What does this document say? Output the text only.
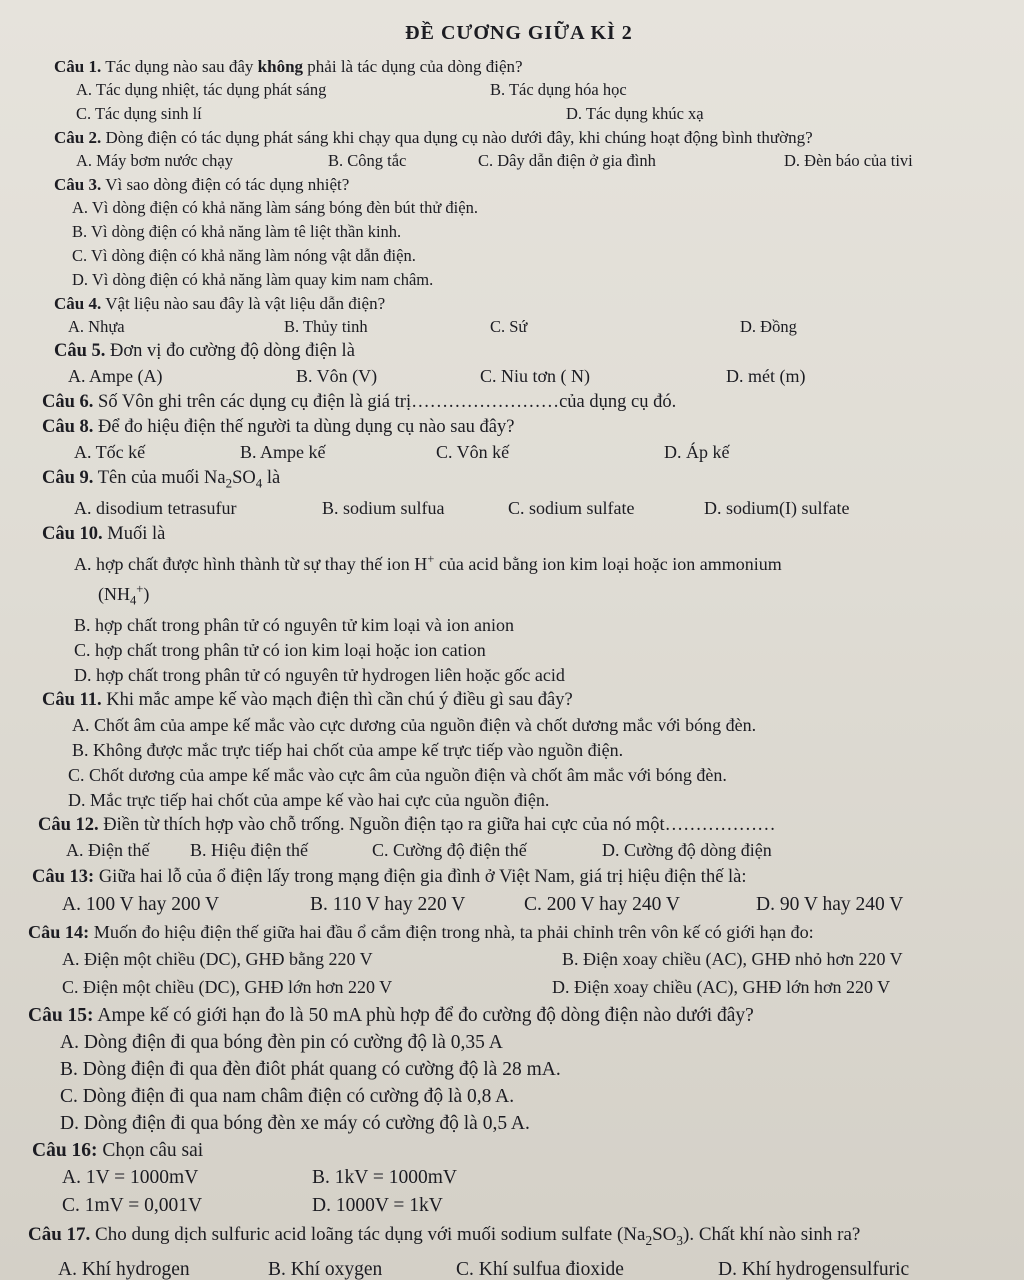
ĐỀ CƯƠNG GIỮA KÌ 2

Câu 1. Tác dụng nào sau đây không phải là tác dụng của dòng điện?

A. Tác dụng nhiệt, tác dụng phát sáng	B. Tác dụng hóa học
C. Tác dụng sinh lí	D. Tác dụng khúc xạ

Câu 2. Dòng điện có tác dụng phát sáng khi chạy qua dụng cụ nào dưới đây, khi chúng hoạt động bình thường?

A. Máy bơm nước chạy	B. Công tắc	C. Dây dẫn điện ở gia đình	D. Đèn báo của tivi

Câu 3. Vì sao dòng điện có tác dụng nhiệt?

A. Vì dòng điện có khả năng làm sáng bóng đèn bút thử điện.

B. Vì dòng điện có khả năng làm tê liệt thần kinh.

C. Vì dòng điện có khả năng làm nóng vật dẫn điện.

D. Vì dòng điện có khả năng làm quay kim nam châm.

Câu 4. Vật liệu nào sau đây là vật liệu dẫn điện?

A. Nhựa	B. Thủy tinh	C. Sứ	D. Đồng

Câu 5. Đơn vị đo cường độ dòng điện là

A. Ampe (A)	B. Vôn (V)	C. Niu tơn ( N)	D. mét (m)

Câu 6. Số Vôn ghi trên các dụng cụ điện là giá trị……………………của dụng cụ đó.

Câu 8. Để đo hiệu điện thế người ta dùng dụng cụ nào sau đây?

A. Tốc kế	B. Ampe kế	C. Vôn kế	D. Áp kế

Câu 9. Tên của muối $Na_2SO_4$ là

A. disodium tetrasufur	B. sodium sulfua	C. sodium sulfate	D. sodium(I) sulfate

Câu 10. Muối là

A. hợp chất được hình thành từ sự thay thế ion H+ của acid bằng ion kim loại hoặc ion ammonium

$(NH_4^+)$

B. hợp chất trong phân tử có nguyên tử kim loại và ion anion

C. hợp chất trong phân tử có ion kim loại hoặc ion cation

D. hợp chất trong phân tử có nguyên tử hydrogen liên hoặc gốc acid

Câu 11. Khi mắc ampe kế vào mạch điện thì cần chú ý điều gì sau đây?

A. Chốt âm của ampe kế mắc vào cực dương của nguồn điện và chốt dương mắc với bóng đèn.

B. Không được mắc trực tiếp hai chốt của ampe kế trực tiếp vào nguồn điện.

C. Chốt dương của ampe kế mắc vào cực âm của nguồn điện và chốt âm mắc với bóng đèn.

D. Mắc trực tiếp hai chốt của ampe kế vào hai cực của nguồn điện.

Câu 12. Điền từ thích hợp vào chỗ trống. Nguồn điện tạo ra giữa hai cực của nó một………………

A. Điện thế	B. Hiệu điện thế	C. Cường độ điện thế	D. Cường độ dòng điện

Câu 13: Giữa hai lỗ của ổ điện lấy trong mạng điện gia đình ở Việt Nam, giá trị hiệu điện thế là:

A. 100 V hay 200 V	B. 110 V hay 220 V	C. 200 V hay 240 V	D. 90 V hay 240 V

Câu 14: Muốn đo hiệu điện thế giữa hai đầu ổ cắm điện trong nhà, ta phải chỉnh trên vôn kế có giới hạn đo:

A. Điện một chiều (DC), GHĐ bằng 220 V	B. Điện xoay chiều (AC), GHĐ nhỏ hơn 220 V
C. Điện một chiều (DC), GHĐ lớn hơn 220 V	D. Điện xoay chiều (AC), GHĐ lớn hơn 220 V

Câu 15: Ampe kế có giới hạn đo là 50 mA phù hợp để đo cường độ dòng điện nào dưới đây?

A. Dòng điện đi qua bóng đèn pin có cường độ là 0,35 A

B. Dòng điện đi qua đèn điôt phát quang có cường độ là 28 mA.

C. Dòng điện đi qua nam châm điện có cường độ là 0,8 A.

D. Dòng điện đi qua bóng đèn xe máy có cường độ là 0,5 A.

Câu 16: Chọn câu sai

A. 1V = 1000mV	B. 1kV = 1000mV
C. 1mV = 0,001V	D. 1000V = 1kV

Câu 17. Cho dung dịch sulfuric acid loãng tác dụng với muối sodium sulfate $(Na_2SO_3)$. Chất khí nào sinh ra?

A. Khí hydrogen	B. Khí oxygen	C. Khí sulfua đioxide	D. Khí hydrogensulfuric
